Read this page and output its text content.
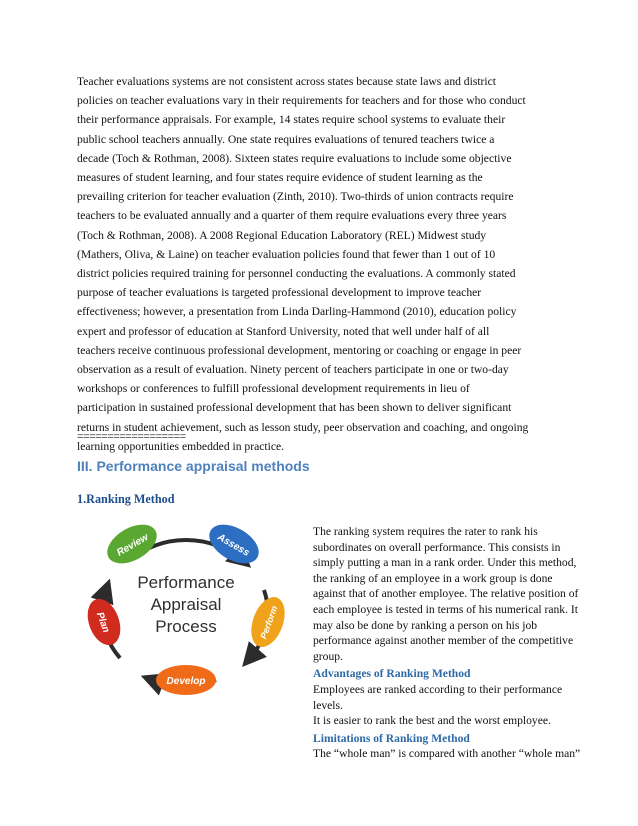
Teacher evaluations systems are not consistent across states because state laws and district
policies on teacher evaluations vary in their requirements for teachers and for those who conduct
their performance appraisals. For example, 14 states require school systems to evaluate their
public school teachers annually. One state requires evaluations of tenured teachers twice a
decade (Toch & Rothman, 2008). Sixteen states require evaluations to include some objective
measures of student learning, and four states require evidence of student learning as the
prevailing criterion for teacher evaluation (Zinth, 2010). Two-thirds of union contracts require
teachers to be evaluated annually and a quarter of them require evaluations every three years
(Toch & Rothman, 2008). A 2008 Regional Education Laboratory (REL) Midwest study
(Mathers, Oliva, & Laine) on teacher evaluation policies found that fewer than 1 out of 10
district policies required training for personnel conducting the evaluations. A commonly stated
purpose of teacher evaluations is targeted professional development to improve teacher
effectiveness; however, a presentation from Linda Darling-Hammond (2010), education policy
expert and professor of education at Stanford University, noted that well under half of all
teachers receive continuous professional development, mentoring or coaching or engage in peer
observation as a result of evaluation. Ninety percent of teachers participate in one or two-day
workshops or conferences to fulfill professional development requirements in lieu of
participation in sustained professional development that has been shown to deliver significant
returns in student achievement, such as lesson study, peer observation and coaching, and ongoing
learning opportunities embedded in practice.

==================
III. Performance appraisal methods
1.Ranking Method
Review	Assess
Perform
Develop
Plan
Performance
Appraisal
Process
The ranking system requires the rater to rank his
subordinates on overall performance. This consists in
simply putting a man in a rank order. Under this method,
the ranking of an employee in a work group is done
against that of another employee. The relative position of
each employee is tested in terms of his numerical rank. It
may also be done by ranking a person on his job
performance against another member of the competitive
group.
Advantages of Ranking Method
Employees are ranked according to their performance
levels.
It is easier to rank the best and the worst employee.
Limitations of Ranking Method
The “whole man” is compared with another “whole man”
